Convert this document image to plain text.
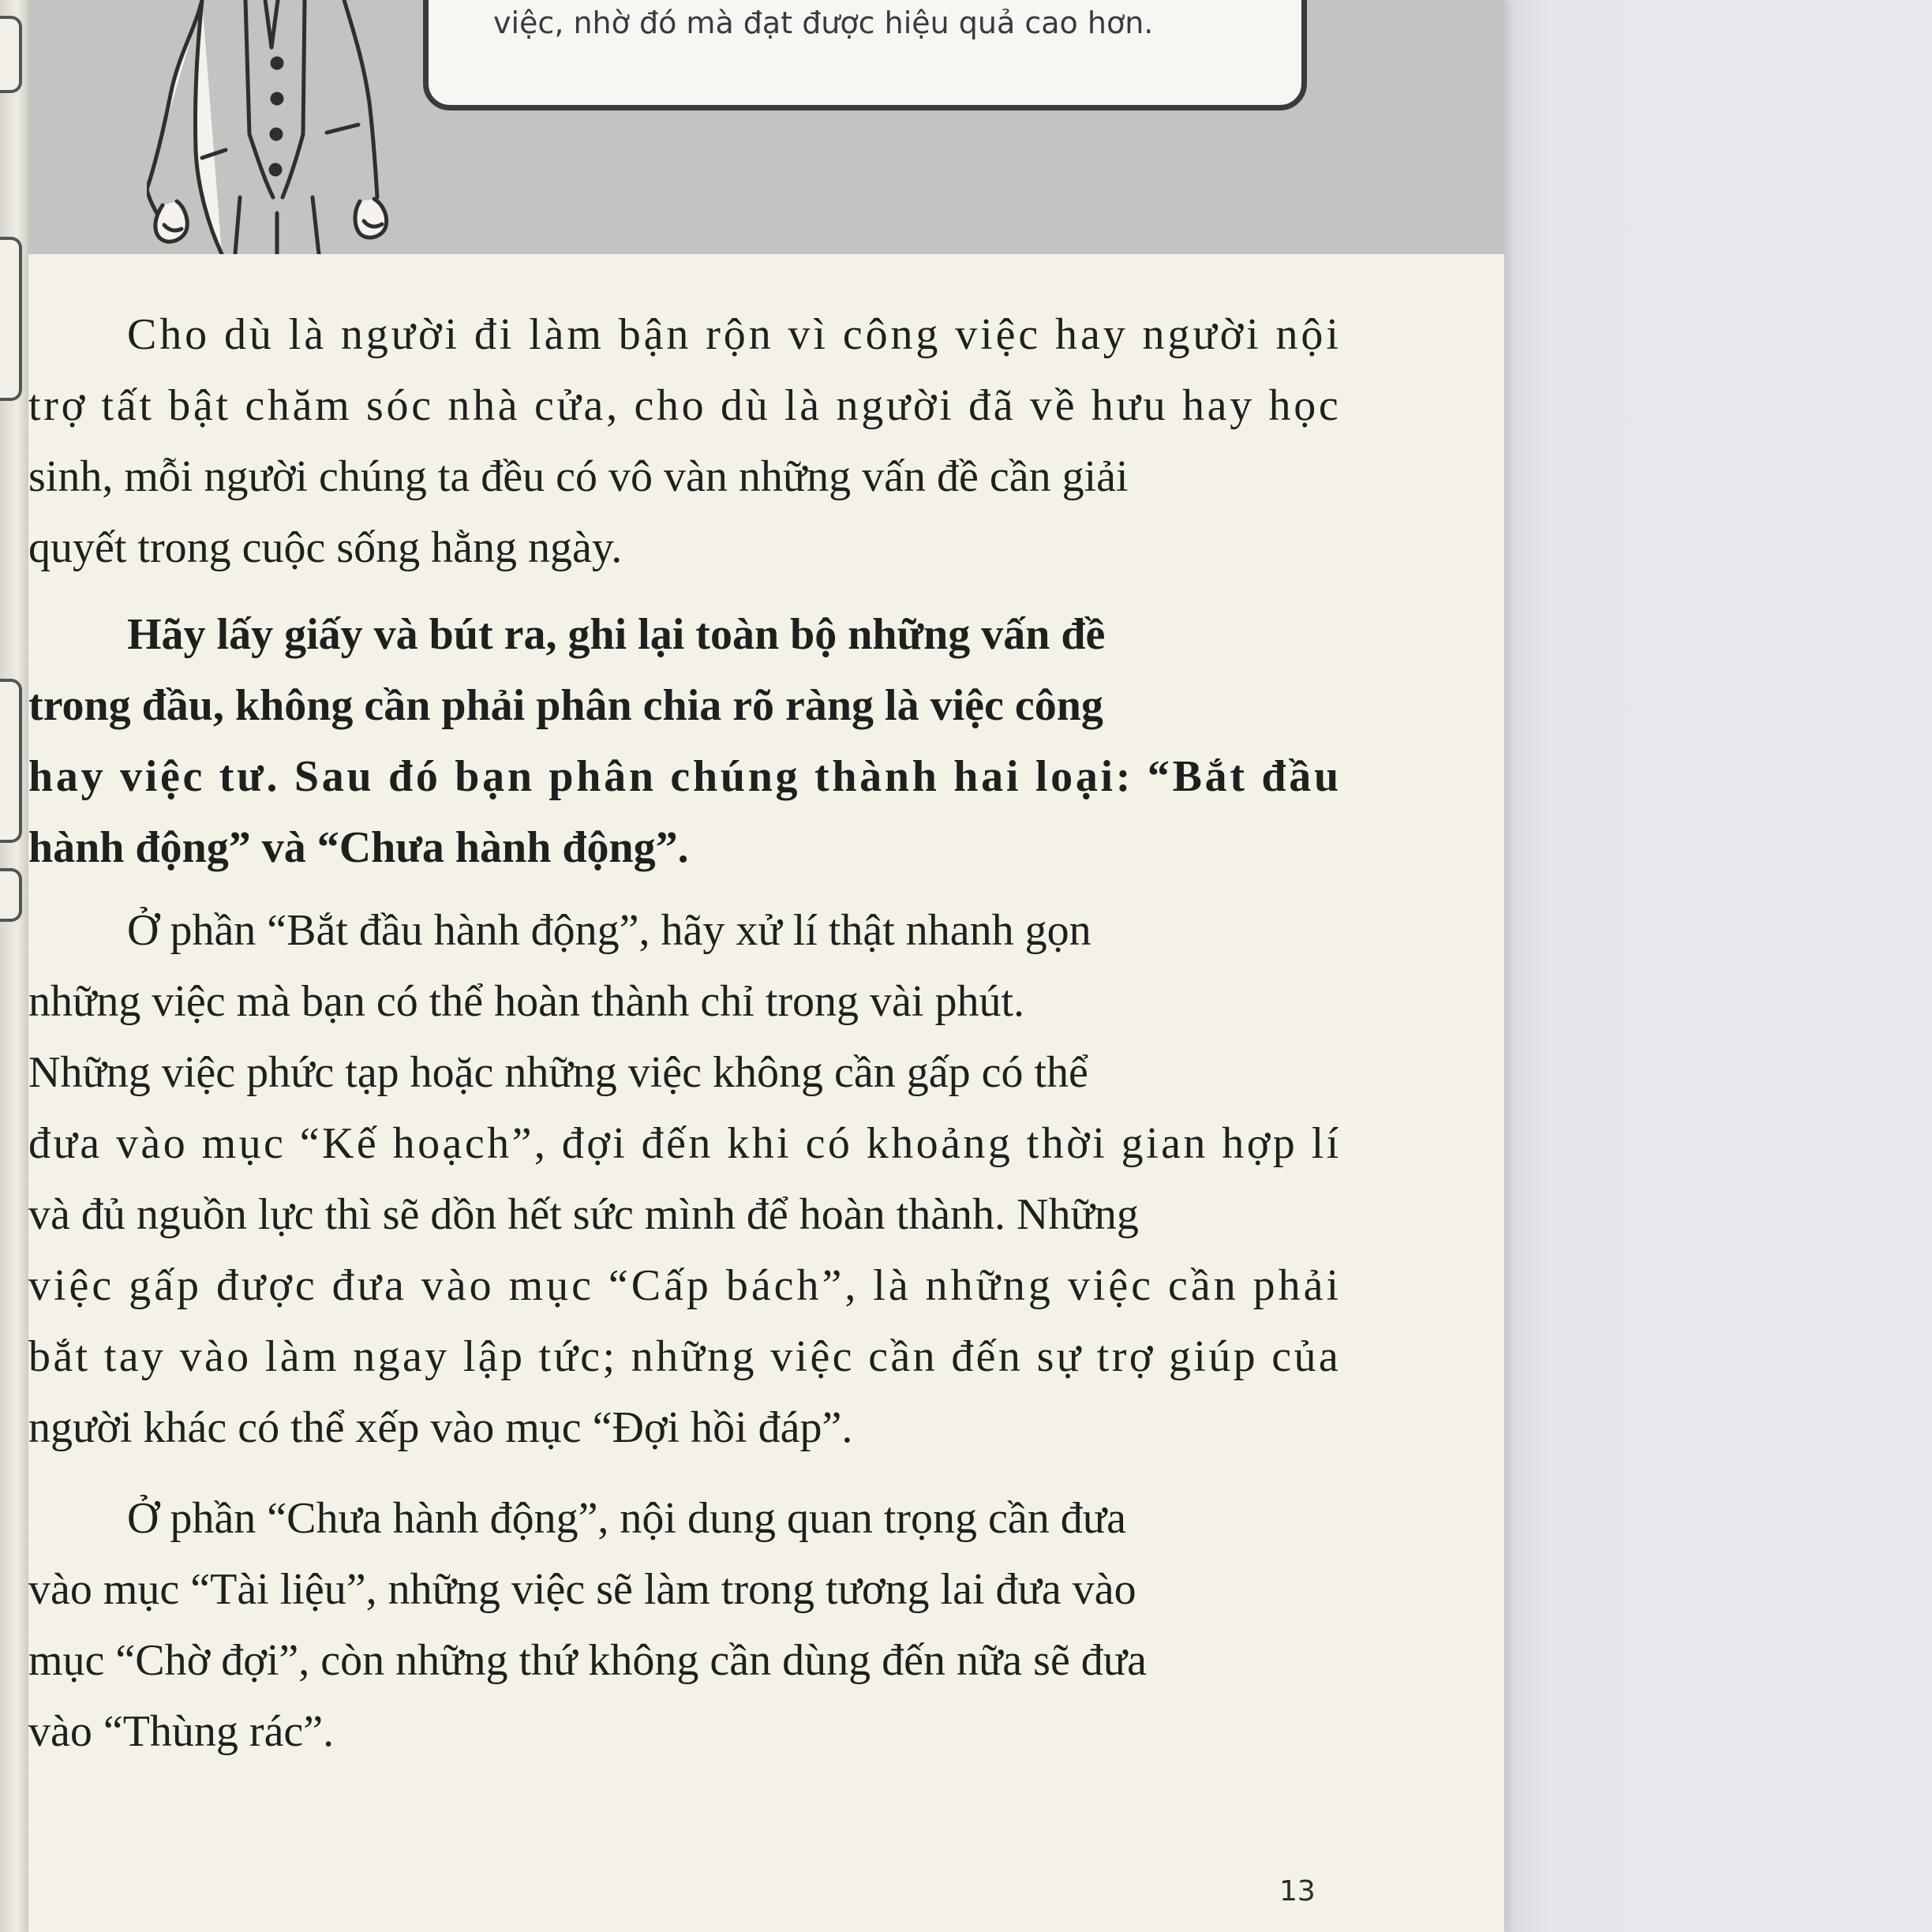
việc, nhờ đó mà đạt được hiệu quả cao hơn.
Cho dù là người đi làm bận rộn vì công việc hay người nội
trợ tất bật chăm sóc nhà cửa, cho dù là người đã về hưu hay học
sinh, mỗi người chúng ta đều có vô vàn những vấn đề cần giải
quyết trong cuộc sống hằng ngày.
Hãy lấy giấy và bút ra, ghi lại toàn bộ những vấn đề
trong đầu, không cần phải phân chia rõ ràng là việc công
hay việc tư. Sau đó bạn phân chúng thành hai loại: “Bắt đầu
hành động” và “Chưa hành động”.
Ở phần “Bắt đầu hành động”, hãy xử lí thật nhanh gọn
những việc mà bạn có thể hoàn thành chỉ trong vài phút.
Những việc phức tạp hoặc những việc không cần gấp có thể
đưa vào mục “Kế hoạch”, đợi đến khi có khoảng thời gian hợp lí
và đủ nguồn lực thì sẽ dồn hết sức mình để hoàn thành. Những
việc gấp được đưa vào mục “Cấp bách”, là những việc cần phải
bắt tay vào làm ngay lập tức; những việc cần đến sự trợ giúp của
người khác có thể xếp vào mục “Đợi hồi đáp”.
Ở phần “Chưa hành động”, nội dung quan trọng cần đưa
vào mục “Tài liệu”, những việc sẽ làm trong tương lai đưa vào
mục “Chờ đợi”, còn những thứ không cần dùng đến nữa sẽ đưa
vào “Thùng rác”.
13
